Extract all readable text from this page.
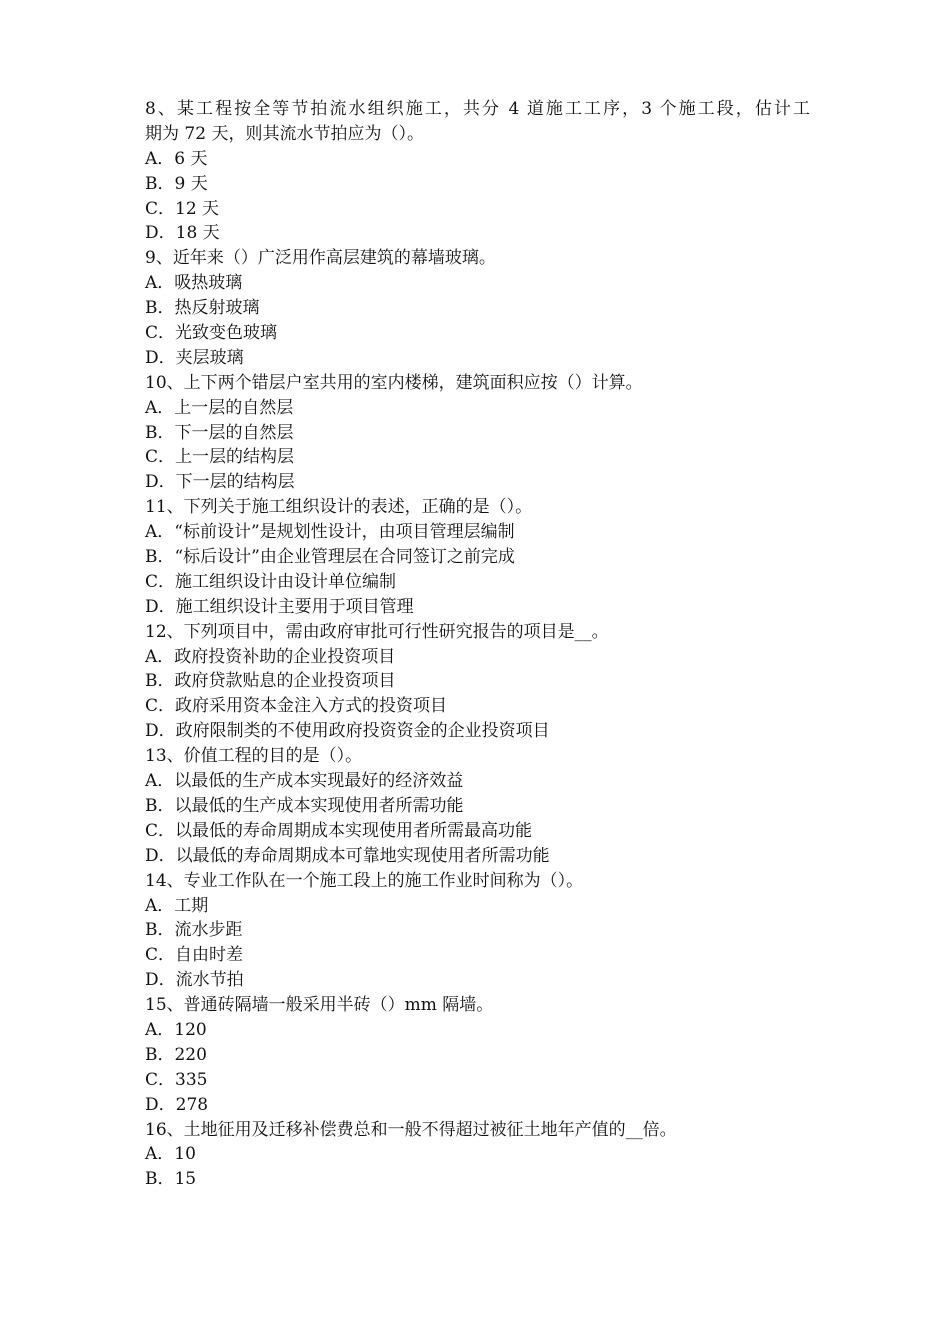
8、某工程按全等节拍流水组织施工，共分 4 道施工工序，3 个施工段，估计工
期为 72 天，则其流水节拍应为（）。
A．6 天
B．9 天
C．12 天
D．18 天
9、近年来（）广泛用作高层建筑的幕墙玻璃。
A．吸热玻璃
B．热反射玻璃
C．光致变色玻璃
D．夹层玻璃
10、上下两个错层户室共用的室内楼梯，建筑面积应按（）计算。
A．上一层的自然层
B．下一层的自然层
C．上一层的结构层
D．下一层的结构层
11、下列关于施工组织设计的表述，正确的是（）。
A．“标前设计”是规划性设计，由项目管理层编制
B．“标后设计”由企业管理层在合同签订之前完成
C．施工组织设计由设计单位编制
D．施工组织设计主要用于项目管理
12、下列项目中，需由政府审批可行性研究报告的项目是__。
A．政府投资补助的企业投资项目
B．政府贷款贴息的企业投资项目
C．政府采用资本金注入方式的投资项目
D．政府限制类的不使用政府投资资金的企业投资项目
13、价值工程的目的是（）。
A．以最低的生产成本实现最好的经济效益
B．以最低的生产成本实现使用者所需功能
C．以最低的寿命周期成本实现使用者所需最高功能
D．以最低的寿命周期成本可靠地实现使用者所需功能
14、专业工作队在一个施工段上的施工作业时间称为（）。
A．工期
B．流水步距
C．自由时差
D．流水节拍
15、普通砖隔墙一般采用半砖（）mm 隔墙。
A．120
B．220
C．335
D．278
16、土地征用及迁移补偿费总和一般不得超过被征土地年产值的__倍。
A．10
B．15
